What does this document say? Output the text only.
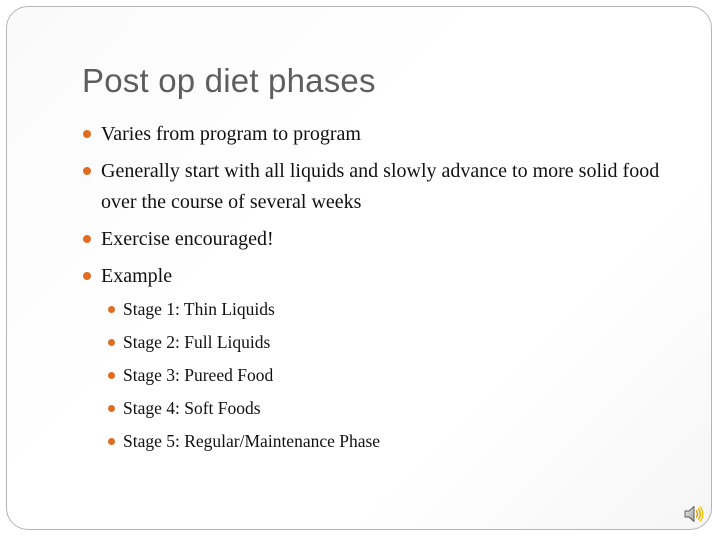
Post op diet phases
Varies from program to program
Generally start with all liquids and slowly advance to more solid food over the course of several weeks
Exercise encouraged!
Example
Stage 1: Thin Liquids
Stage 2: Full Liquids
Stage 3: Pureed Food
Stage 4: Soft Foods
Stage 5: Regular/Maintenance Phase
